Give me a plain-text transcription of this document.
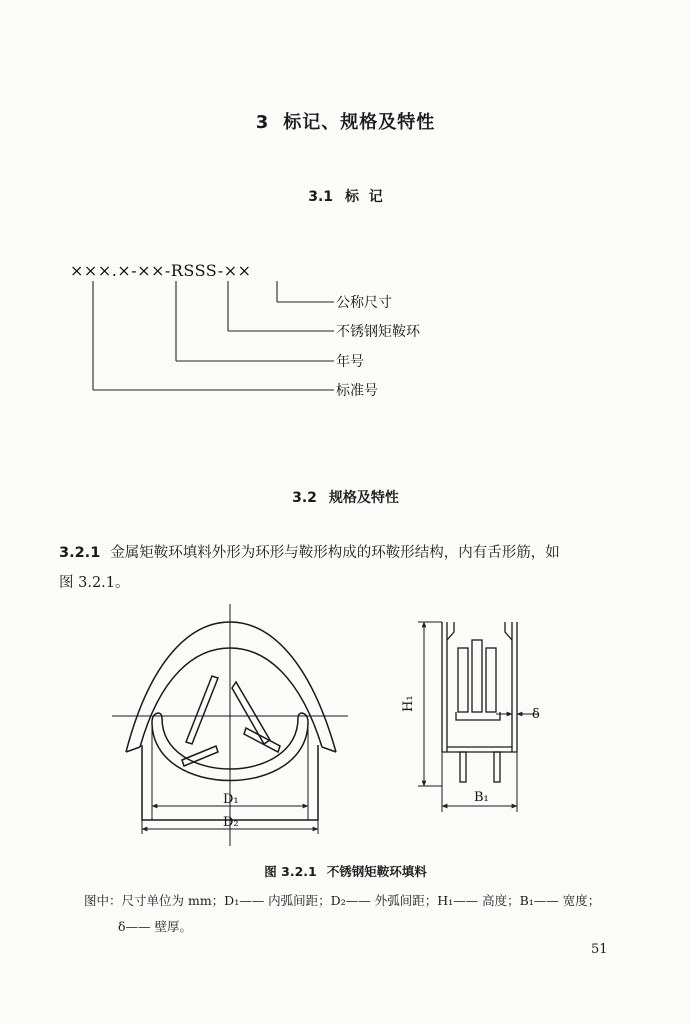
3 标记、规格及特性
3.1 标  记
×××.×-××-RSSS-××
公称尺寸
不锈钢矩鞍环
年号
标准号
3.2 规格及特性
3.2.1 金属矩鞍环填料外形为环形与鞍形构成的环鞍形结构，内有舌形筋，如
图 3.2.1。
D₁
D₂
H₁
B₁
δ
图 3.2.1 不锈钢矩鞍环填料
图中：尺寸单位为 mm；D₁—— 内弧间距；D₂—— 外弧间距；H₁—— 高度；B₁—— 宽度；
δ—— 壁厚。
51
